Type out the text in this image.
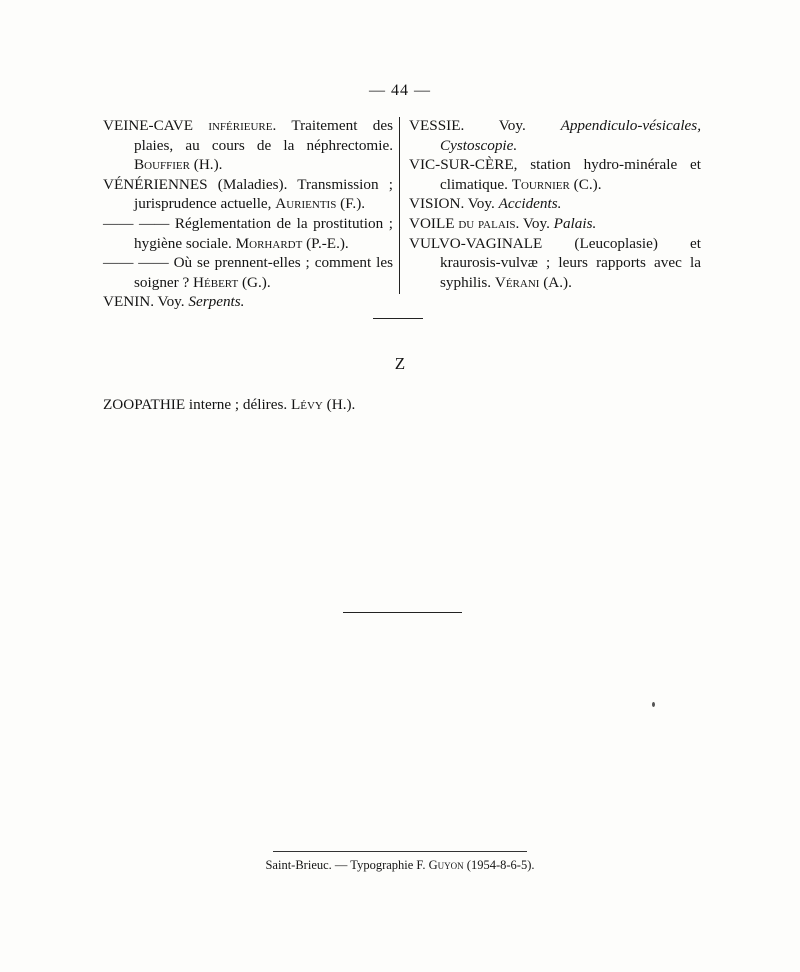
— 44 —
VEINE-CAVE inférieure. Traitement des plaies, au cours de la néphrectomie. Bouffier (H.).
VÉNÉRIENNES (Maladies). Transmission ; jurisprudence actuelle, Aurientis (F.).
—— —— Réglementation de la prostitution ; hygiène sociale. Morhardt (P.-E.).
—— —— Où se prennent-elles ; comment les soigner ? Hébert (G.).
VENIN. Voy. Serpents.
VESSIE. Voy. Appendiculo-vésicales, Cystoscopie.
VIC-SUR-CÈRE, station hydro-minérale et climatique. Tournier (C.).
VISION. Voy. Accidents.
VOILE du palais. Voy. Palais.
VULVO-VAGINALE (Leucoplasie) et kraurosis-vulvæ ; leurs rapports avec la syphilis. Vérani (A.).
Z
ZOOPATHIE interne ; délires. Lévy (H.).
Saint-Brieuc. — Typographie F. Guyon (1954-8-6-5).
